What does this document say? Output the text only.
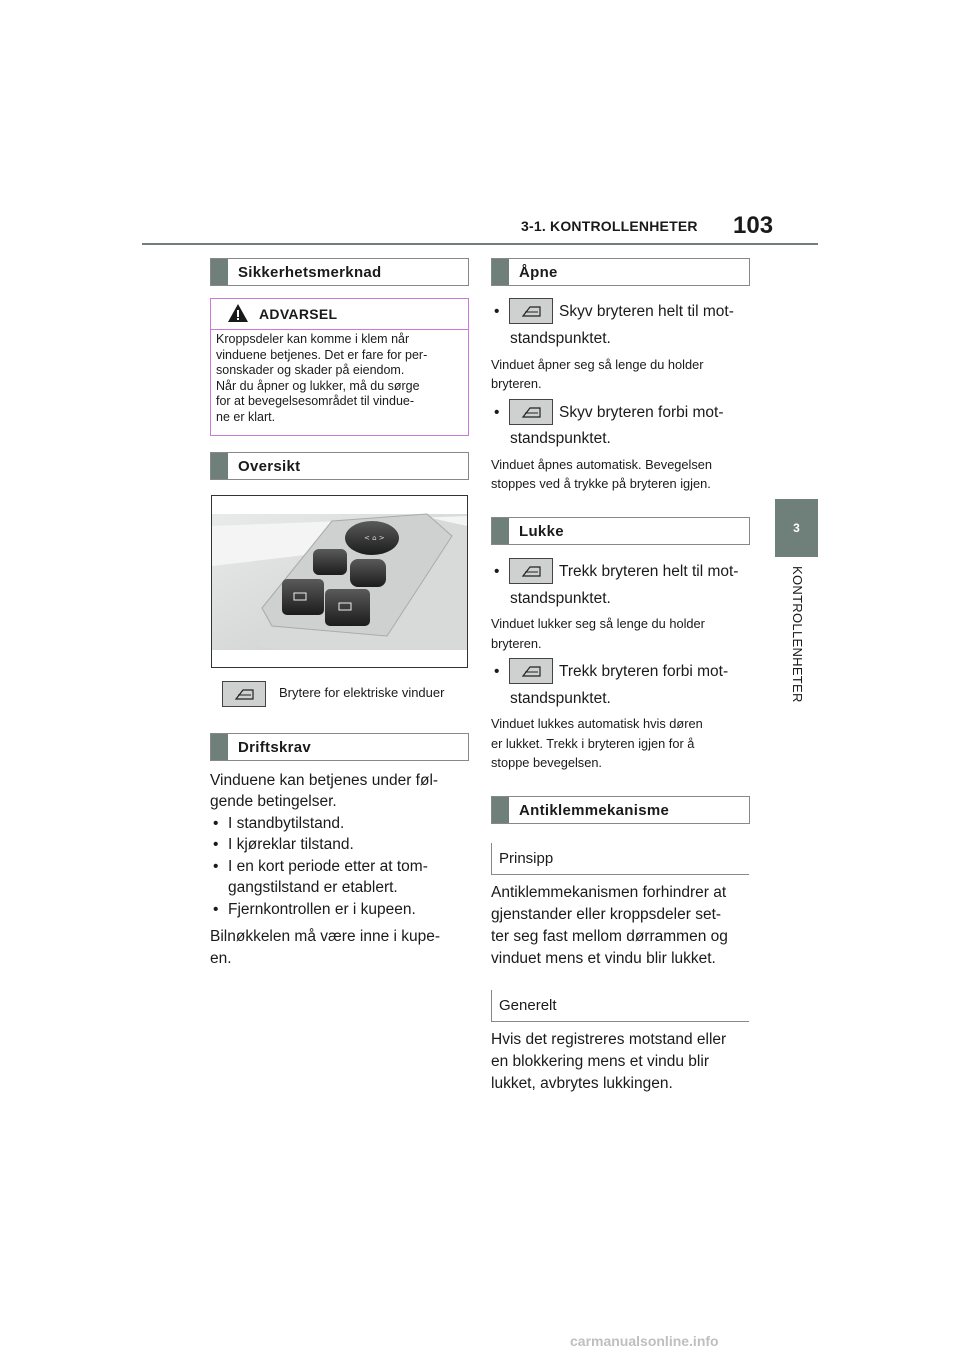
3-1. KONTROLLENHETER 103
3
KONTROLLENHETER
Sikkerhetsmerknad
ADVARSEL
Kroppsdeler kan komme i klem når
vinduene betjenes. Det er fare for per-
sonskader og skader på eiendom.
Når du åpner og lukker, må du sørge
for at bevegelsesområdet til vindue-
ne er klart.
Oversikt
< ⌂ >
Brytere for elektriske vinduer
Driftskrav
Vinduene kan betjenes under føl-
gende betingelser.
• I standbytilstand.
• I kjøreklar tilstand.
• I en kort periode etter at tom-
gangstilstand er etablert.
• Fjernkontrollen er i kupeen.
Bilnøkkelen må være inne i kupe-
en.
Åpne
•	Skyv bryteren helt til mot-
standspunktet.
Vinduet åpner seg så lenge du holder
bryteren.
•	Skyv bryteren forbi mot-
standspunktet.
Vinduet åpnes automatisk. Bevegelsen
stoppes ved å trykke på bryteren igjen.
Lukke
•	Trekk bryteren helt til mot-
standspunktet.
Vinduet lukker seg så lenge du holder
bryteren.
•	Trekk bryteren forbi mot-
standspunktet.
Vinduet lukkes automatisk hvis døren
er lukket. Trekk i bryteren igjen for å
stoppe bevegelsen.
Antiklemmekanisme
Prinsipp
Antiklemmekanismen forhindrer at
gjenstander eller kroppsdeler set-
ter seg fast mellom dørrammen og
vinduet mens et vindu blir lukket.
Generelt
Hvis det registreres motstand eller
en blokkering mens et vindu blir
lukket, avbrytes lukkingen.
carmanualsonline.info
